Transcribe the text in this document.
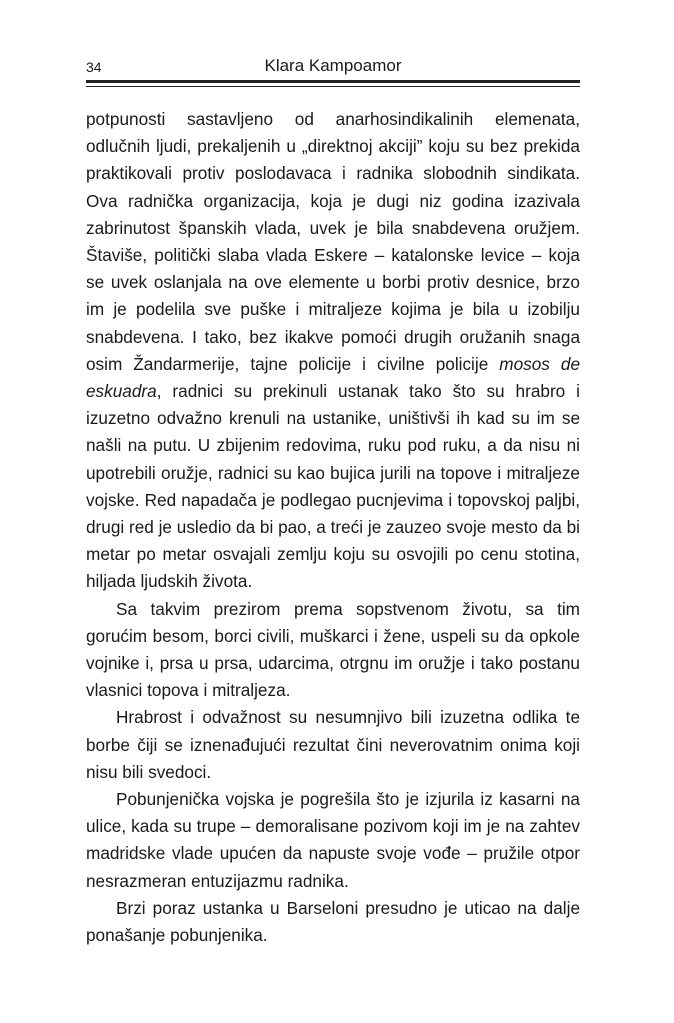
34	Klara Kampoamor

potpunosti sastavljeno od anarhosindikalinih elemenata, odlučnih ljudi, prekaljenih u „direktnoj akciji” koju su bez prekida praktikovali protiv poslodavaca i radnika slobodnih sindikata. Ova radnička organizacija, koja je dugi niz godina izazivala zabrinutost španskih vlada, uvek je bila snabdevena oružjem. Štaviše, politički slaba vlada Eskere – katalonske levice – koja se uvek oslanjala na ove elemente u borbi protiv desnice, brzo im je podelila sve puške i mitraljeze kojima je bila u izobilju snabdevena. I tako, bez ikakve pomoći drugih oružanih snaga osim Žandarmerije, tajne policije i civilne policije mosos de eskuadra, radnici su prekinuli ustanak tako što su hrabro i izuzetno odvažno krenuli na ustanike, uništivši ih kad su im se našli na putu. U zbijenim redovima, ruku pod ruku, a da nisu ni upotrebili oružje, radnici su kao bujica jurili na topove i mitraljeze vojske. Red napadača je podlegao pucnjevima i topovskoj paljbi, drugi red je usledio da bi pao, a treći je zauzeo svoje mesto da bi metar po metar osvajali zemlju koju su osvojili po cenu stotina, hiljada ljudskih života.

Sa takvim prezirom prema sopstvenom životu, sa tim gorućim besom, borci civili, muškarci i žene, uspeli su da opkole vojnike i, prsa u prsa, udarcima, otrgnu im oružje i tako postanu vlasnici topova i mitraljeza.

Hrabrost i odvažnost su nesumnjivo bili izuzetna odlika te borbe čiji se iznenađujući rezultat čini neverovatnim onima koji nisu bili svedoci.

Pobunjenička vojska je pogrešila što je izjurila iz kasarni na ulice, kada su trupe – demoralisane pozivom koji im je na zahtev madridske vlade upućen da napuste svoje vođe – pružile otpor nesrazmeran entuzijazmu radnika.

Brzi poraz ustanka u Barseloni presudno je uticao na dalje ponašanje pobunjenika.
